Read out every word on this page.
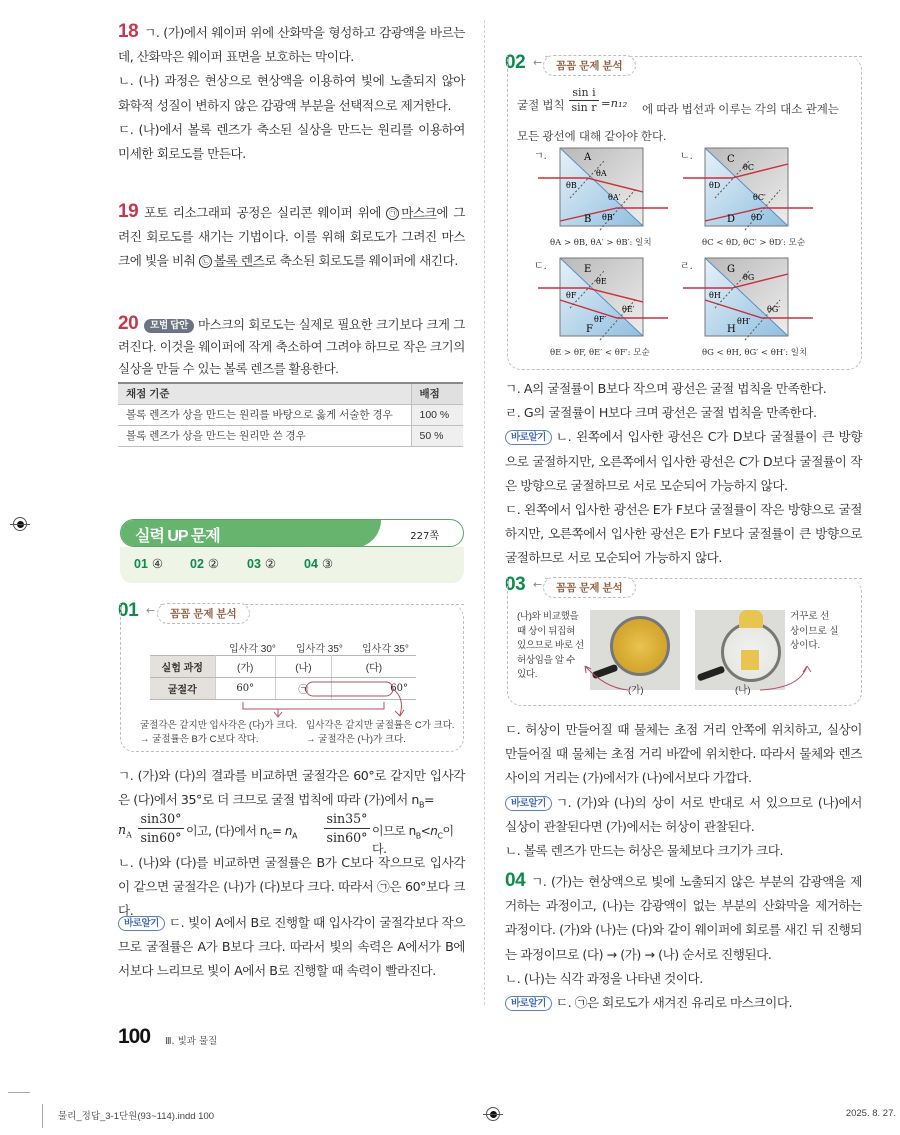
18 ㄱ. (가)에서 웨이퍼 위에 산화막을 형성하고 감광액을 바르는데, 산화막은 웨이퍼 표면을 보호하는 막이다.
ㄴ. (나) 과정은 현상으로 현상액을 이용하여 빛에 노출되지 않아 화학적 성질이 변하지 않은 감광액 부분을 선택적으로 제거한다.
ㄷ. (나)에서 볼록 렌즈가 축소된 실상을 만드는 원리를 이용하여 미세한 회로도를 만든다.
19 포토 리소그래피 공정은 실리콘 웨이퍼 위에 ㉠ 마스크에 그려진 회로도를 새기는 기법이다. 이를 위해 회로도가 그려진 마스크에 빛을 비춰 ㉡ 볼록 렌즈로 축소된 회로도를 웨이퍼에 새긴다.
20 모범 답안 마스크의 회로도는 실제로 필요한 크기보다 크게 그려진다. 이것을 웨이퍼에 작게 축소하여 그려야 하므로 작은 크기의 실상을 만들 수 있는 볼록 렌즈를 활용한다.
채점 기준	배점
볼록 렌즈가 상을 만드는 원리를 바탕으로 옳게 서술한 경우	100 %
볼록 렌즈가 상을 만드는 원리만 쓴 경우	50 %
실력 UP 문제	227쪽
01 ④ 02 ② 03 ② 04 ③
01 ←	꼼꼼 문제 분석
입사각 30° 입사각 35° 입사각 35°
실험 과정	(가)	(나)	(다)
굴절각	60°	㉠	60°
굴절각은 같지만 입사각은 (다)가 크다.
→ 굴절률은 B가 C보다 작다.
입사각은 같지만 굴절률은 C가 크다.
→ 굴절각은 (나)가 크다.
ㄱ. (가)와 (다)의 결과를 비교하면 굴절각은 60°로 같지만 입사각은 (다)에서 35°로 더 크므로 굴절 법칙에 따라 (가)에서 $n_B=$
$n_A$
sin30°
sin60° 이고, (다)에서 $n_C= n_A$
sin35°
sin60° 이므로 $n_B<n_C$이다.
ㄴ. (나)와 (다)를 비교하면 굴절률은 B가 C보다 작으므로 입사각이 같으면 굴절각은 (나)가 (다)보다 크다. 따라서 ㉠은 60°보다 크다.
바로알기 ㄷ. 빛이 A에서 B로 진행할 때 입사각이 굴절각보다 작으므로 굴절률은 A가 B보다 크다. 따라서 빛의 속력은 A에서가 B에서보다 느리므로 빛이 A에서 B로 진행할 때 속력이 빨라진다.
02 ←	꼼꼼 문제 분석
굴절 법칙
sin i
sin r =n₁₂	에 따라 법선과 이루는 각의 대소 관계는 모든 광선에 대해 같아야 한다.
A
B
θA
θB
θA′
θB′
ㄱ.
θA > θB, θA′ > θB′: 일치
C
D
θC
θD
θC′
θD′
ㄴ.
θC < θD, θC′ > θD′: 모순
E
F
θE
θF
θE′
θF′
ㄷ.
θE > θF, θE′ < θF′: 모순
G
H
θG
θH
θG′
θH′
ㄹ.
θG < θH, θG′ < θH′: 일치
ㄱ. A의 굴절률이 B보다 작으며 광선은 굴절 법칙을 만족한다.
ㄹ. G의 굴절률이 H보다 크며 광선은 굴절 법칙을 만족한다.
바로알기 ㄴ. 왼쪽에서 입사한 광선은 C가 D보다 굴절률이 큰 방향으로 굴절하지만, 오른쪽에서 입사한 광선은 C가 D보다 굴절률이 작은 방향으로 굴절하므로 서로 모순되어 가능하지 않다.
ㄷ. 왼쪽에서 입사한 광선은 E가 F보다 굴절률이 작은 방향으로 굴절하지만, 오른쪽에서 입사한 광선은 E가 F보다 굴절률이 큰 방향으로 굴절하므로 서로 모순되어 가능하지 않다.
03 ←	꼼꼼 문제 분석
(나)와 비교했을 때 상이 뒤집혀 있으므로 바로 선 허상임을 알 수 있다.
거꾸로 선 상이므로 실상이다.
(가)	(나)
ㄷ. 허상이 만들어질 때 물체는 초점 거리 안쪽에 위치하고, 실상이 만들어질 때 물체는 초점 거리 바깥에 위치한다. 따라서 물체와 렌즈 사이의 거리는 (가)에서가 (나)에서보다 가깝다.
바로알기 ㄱ. (가)와 (나)의 상이 서로 반대로 서 있으므로 (나)에서 실상이 관찰된다면 (가)에서는 허상이 관찰된다.
ㄴ. 볼록 렌즈가 만드는 허상은 물체보다 크기가 크다.
04 ㄱ. (가)는 현상액으로 빛에 노출되지 않은 부분의 감광액을 제거하는 과정이고, (나)는 감광액이 없는 부분의 산화막을 제거하는 과정이다. (가)와 (나)는 (다)와 같이 웨이퍼에 회로를 새긴 뒤 진행되는 과정이므로 (다) → (가) → (나) 순서로 진행된다.
ㄴ. (나)는 식각 과정을 나타낸 것이다.
바로알기 ㄷ. ㉠은 회로도가 새겨진 유리로 마스크이다.
100 Ⅲ. 빛과 물질
물리_정답_3-1단원(93~114).indd 100	2025. 8. 27.
